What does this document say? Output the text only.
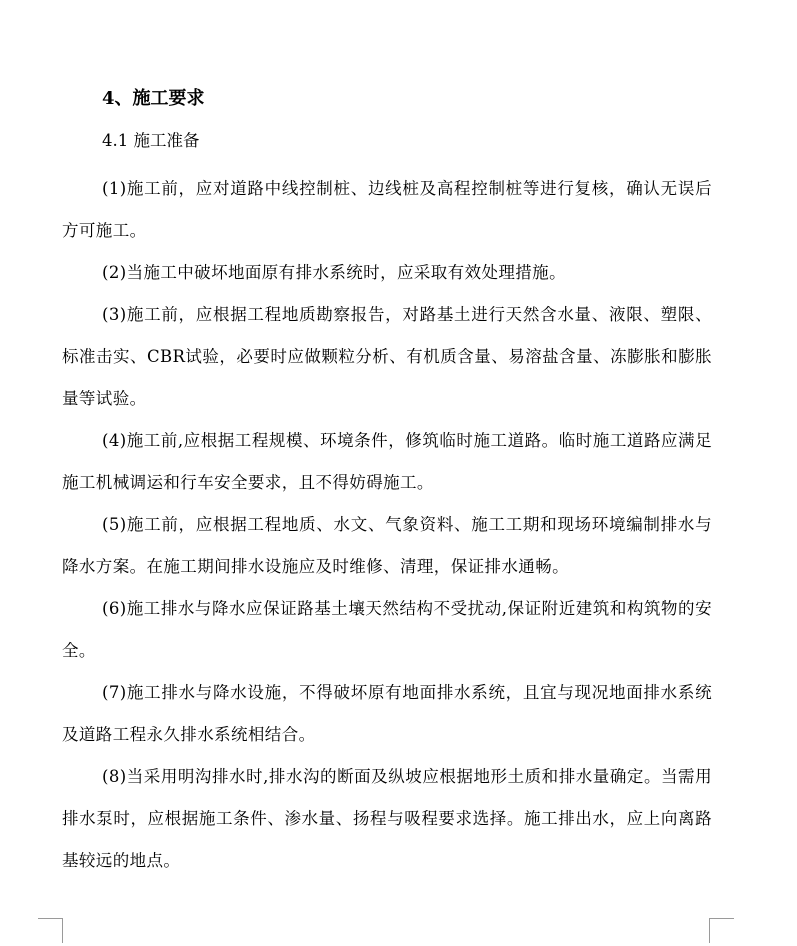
4、施工要求
4.1 施工准备

(1)施工前，应对道路中线控制桩、边线桩及高程控制桩等进行复核，确认无误后方可施工。

(2)当施工中破坏地面原有排水系统时，应采取有效处理措施。

(3)施工前，应根据工程地质勘察报告，对路基土进行天然含水量、液限、塑限、标准击实、CBR试验，必要时应做颗粒分析、有机质含量、易溶盐含量、冻膨胀和膨胀量等试验。

(4)施工前,应根据工程规模、环境条件，修筑临时施工道路。临时施工道路应满足施工机械调运和行车安全要求，且不得妨碍施工。

(5)施工前，应根据工程地质、水文、气象资料、施工工期和现场环境编制排水与降水方案。在施工期间排水设施应及时维修、清理，保证排水通畅。

(6)施工排水与降水应保证路基土壤天然结构不受扰动,保证附近建筑和构筑物的安全。

(7)施工排水与降水设施，不得破坏原有地面排水系统，且宜与现况地面排水系统及道路工程永久排水系统相结合。

(8)当采用明沟排水时,排水沟的断面及纵坡应根据地形土质和排水量确定。当需用排水泵时，应根据施工条件、渗水量、扬程与吸程要求选择。施工排出水，应上向离路基较远的地点。
